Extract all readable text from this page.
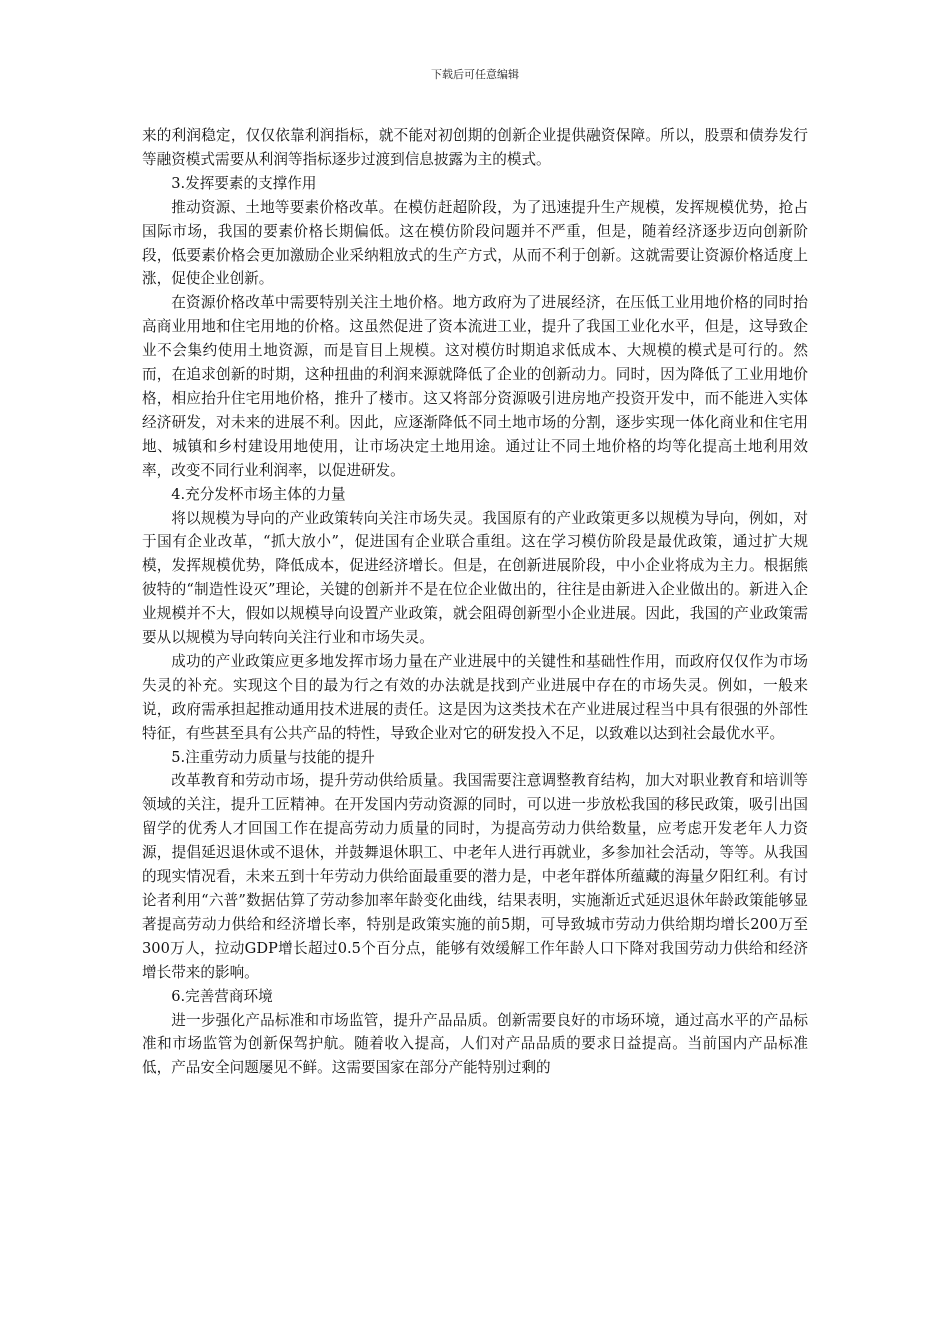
下载后可任意编辑

来的利润稳定，仅仅依靠利润指标，就不能对初创期的创新企业提供融资保障。所以，股票和债券发行等融资模式需要从利润等指标逐步过渡到信息披露为主的模式。

3.发挥要素的支撑作用

推动资源、土地等要素价格改革。在模仿赶超阶段，为了迅速提升生产规模，发挥规模优势，抢占国际市场，我国的要素价格长期偏低。这在模仿阶段问题并不严重，但是，随着经济逐步迈向创新阶段，低要素价格会更加激励企业采纳粗放式的生产方式，从而不利于创新。这就需要让资源价格适度上涨，促使企业创新。

在资源价格改革中需要特别关注土地价格。地方政府为了进展经济，在压低工业用地价格的同时抬高商业用地和住宅用地的价格。这虽然促进了资本流进工业，提升了我国工业化水平，但是，这导致企业不会集约使用土地资源，而是盲目上规模。这对模仿时期追求低成本、大规模的模式是可行的。然而，在追求创新的时期，这种扭曲的利润来源就降低了企业的创新动力。同时，因为降低了工业用地价格，相应抬升住宅用地价格，推升了楼市。这又将部分资源吸引进房地产投资开发中，而不能进入实体经济研发，对未来的进展不利。因此，应逐渐降低不同土地市场的分割，逐步实现一体化商业和住宅用地、城镇和乡村建设用地使用，让市场决定土地用途。通过让不同土地价格的均等化提高土地利用效率，改变不同行业利润率，以促进研发。

4.充分发杯市场主体的力量

将以规模为导向的产业政策转向关注市场失灵。我国原有的产业政策更多以规模为导向，例如，对于国有企业改革，“抓大放小”，促进国有企业联合重组。这在学习模仿阶段是最优政策，通过扩大规模，发挥规模优势，降低成本，促进经济增长。但是，在创新进展阶段，中小企业将成为主力。根据熊彼特的“制造性设灭”理论，关键的创新并不是在位企业做出的，往往是由新进入企业做出的。新进入企业规模并不大，假如以规模导向设置产业政策，就会阻碍创新型小企业进展。因此，我国的产业政策需要从以规模为导向转向关注行业和市场失灵。

成功的产业政策应更多地发挥市场力量在产业进展中的关键性和基础性作用，而政府仅仅作为市场失灵的补充。实现这个目的最为行之有效的办法就是找到产业进展中存在的市场失灵。例如，一般来说，政府需承担起推动通用技术进展的责任。这是因为这类技术在产业进展过程当中具有很强的外部性特征，有些甚至具有公共产品的特性，导致企业对它的研发投入不足，以致难以达到社会最优水平。

5.注重劳动力质量与技能的提升

改革教育和劳动市场，提升劳动供给质量。我国需要注意调整教育结构，加大对职业教育和培训等领域的关注，提升工匠精神。在开发国内劳动资源的同时，可以进一步放松我国的移民政策，吸引出国留学的优秀人才回国工作在提高劳动力质量的同时，为提高劳动力供给数量，应考虑开发老年人力资源，提倡延迟退休或不退休，并鼓舞退休职工、中老年人进行再就业，多参加社会活动，等等。从我国的现实情况看，未来五到十年劳动力供给面最重要的潜力是，中老年群体所蕴藏的海量夕阳红利。有讨论者利用“六普”数据估算了劳动参加率年龄变化曲线，结果表明，实施渐近式延迟退休年龄政策能够显著提高劳动力供给和经济增长率，特别是政策实施的前5期，可导致城市劳动力供给期均增长200万至300万人，拉动GDP增长超过0.5个百分点，能够有效缓解工作年龄人口下降对我国劳动力供给和经济增长带来的影响。

6.完善营商环境

进一步强化产品标准和市场监管，提升产品品质。创新需要良好的市场环境，通过高水平的产品标准和市场监管为创新保驾护航。随着收入提高，人们对产品品质的要求日益提高。当前国内产品标准低，产品安全问题屡见不鲜。这需要国家在部分产能特别过剩的
